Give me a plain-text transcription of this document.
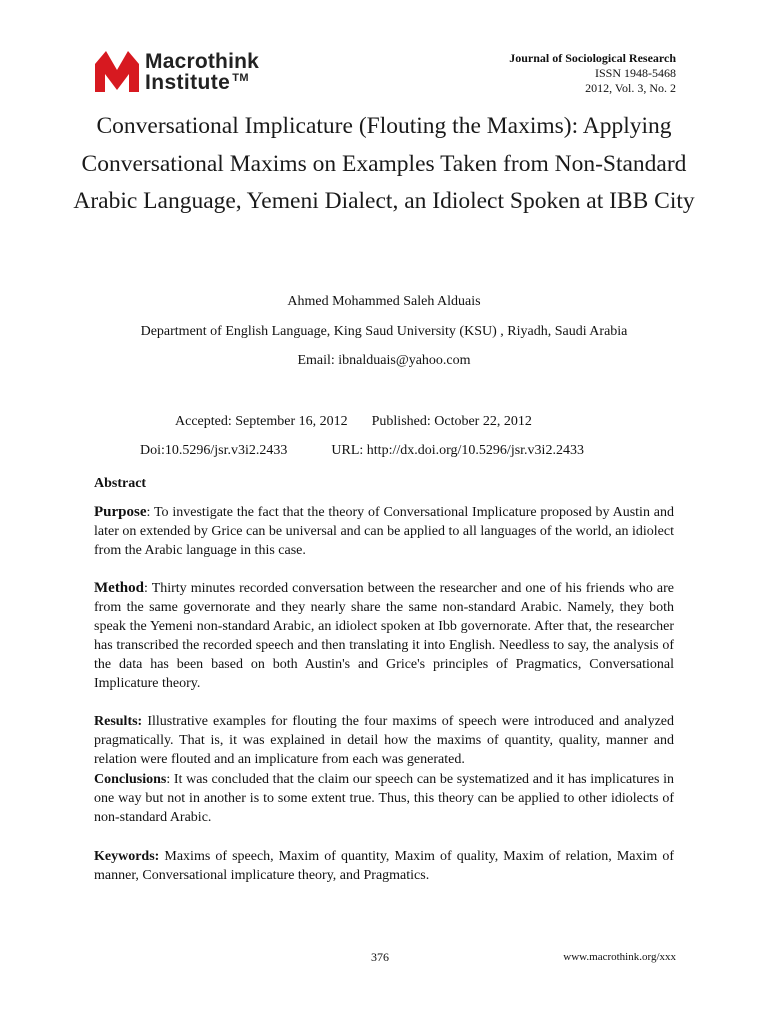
Macrothink
Institute ™
Journal of Sociological Research
ISSN 1948-5468
2012, Vol. 3, No. 2
Conversational Implicature (Flouting the Maxims): Applying Conversational Maxims on Examples Taken from Non-Standard Arabic Language, Yemeni Dialect, an Idiolect Spoken at IBB City
Ahmed Mohammed Saleh Alduais
Department of English Language, King Saud University (KSU) , Riyadh, Saudi Arabia
Email: ibnalduais@yahoo.com
Accepted: September 16, 2012 Published: October 22, 2012
Doi:10.5296/jsr.v3i2.2433	URL: http://dx.doi.org/10.5296/jsr.v3i2.2433
Abstract
Purpose: To investigate the fact that the theory of Conversational Implicature proposed by Austin and later on extended by Grice can be universal and can be applied to all languages of the world, an idiolect from the Arabic language in this case.
Method: Thirty minutes recorded conversation between the researcher and one of his friends who are from the same governorate and they nearly share the same non-standard Arabic. Namely, they both speak the Yemeni non-standard Arabic, an idiolect spoken at Ibb governorate. After that, the researcher has transcribed the recorded speech and then translating it into English. Needless to say, the analysis of the data has been based on both Austin's and Grice's principles of Pragmatics, Conversational Implicature theory.
Results: Illustrative examples for flouting the four maxims of speech were introduced and analyzed pragmatically. That is, it was explained in detail how the maxims of quantity, quality, manner and relation were flouted and an implicature from each was generated.
Conclusions: It was concluded that the claim our speech can be systematized and it has implicatures in one way but not in another is to some extent true. Thus, this theory can be applied to other idiolects of non-standard Arabic.
Keywords: Maxims of speech, Maxim of quantity, Maxim of quality, Maxim of relation, Maxim of manner, Conversational implicature theory, and Pragmatics.
376	www.macrothink.org/xxx
